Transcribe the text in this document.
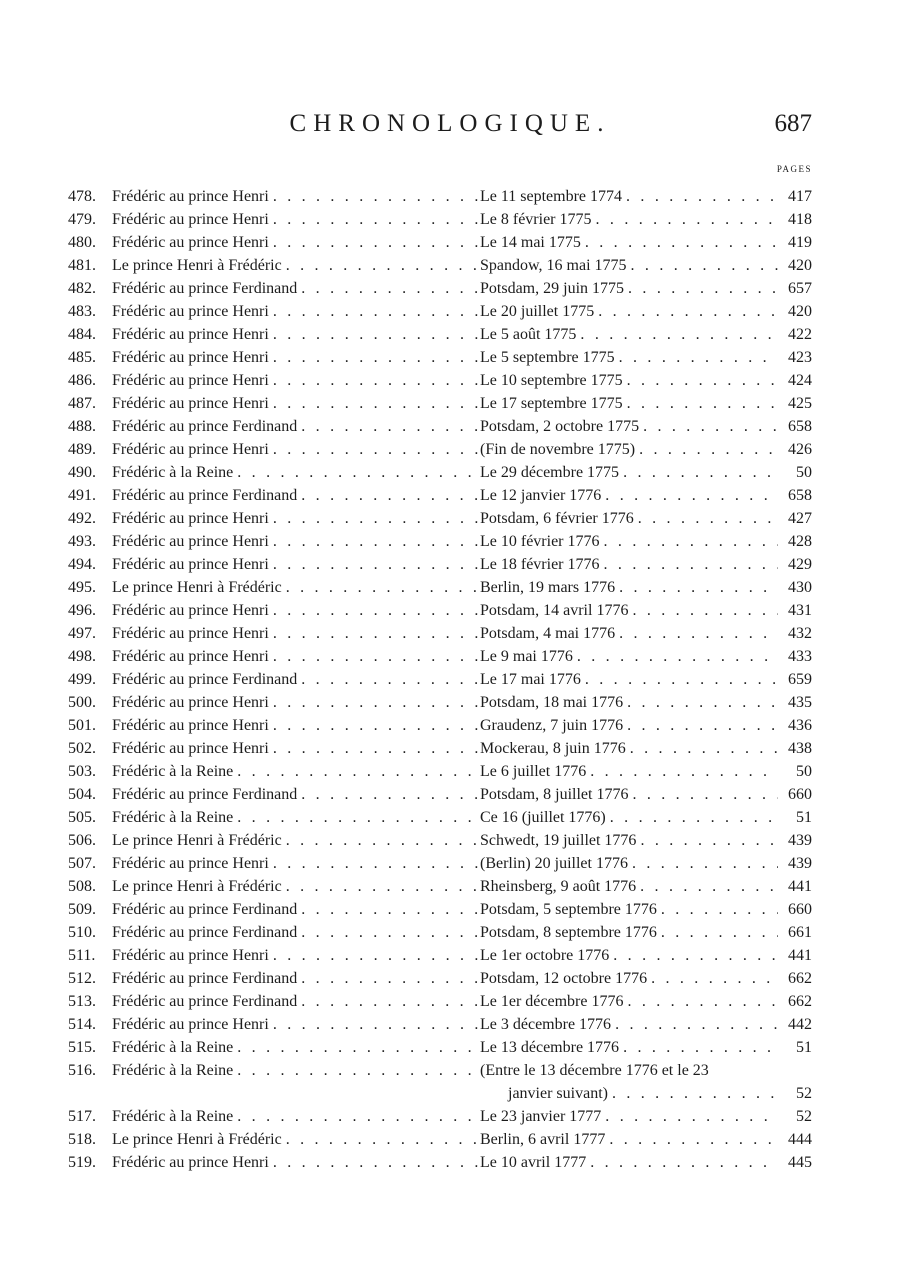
CHRONOLOGIQUE.	687
PAGES
478.	Frédéric au prince Henri . . .	Le 11 septembre 1774 . . .	417
479.	Frédéric au prince Henri . . .	Le 8 février 1775 . . .	418
480.	Frédéric au prince Henri . . .	Le 14 mai 1775 . . .	419
481.	Le prince Henri à Frédéric . . .	Spandow, 16 mai 1775 . . .	420
482.	Frédéric au prince Ferdinand . . .	Potsdam, 29 juin 1775 . . .	657
483.	Frédéric au prince Henri . . .	Le 20 juillet 1775 . . .	420
484.	Frédéric au prince Henri . . .	Le 5 août 1775 . . .	422
485.	Frédéric au prince Henri . . .	Le 5 septembre 1775 . . .	423
486.	Frédéric au prince Henri . . .	Le 10 septembre 1775 . . .	424
487.	Frédéric au prince Henri . . .	Le 17 septembre 1775 . . .	425
488.	Frédéric au prince Ferdinand . . .	Potsdam, 2 octobre 1775 . . .	658
489.	Frédéric au prince Henri . . .	(Fin de novembre 1775) . . .	426
490.	Frédéric à la Reine . . .	Le 29 décembre 1775 . . .	50
491.	Frédéric au prince Ferdinand . . .	Le 12 janvier 1776 . . .	658
492.	Frédéric au prince Henri . . .	Potsdam, 6 février 1776 . . .	427
493.	Frédéric au prince Henri . . .	Le 10 février 1776 . . .	428
494.	Frédéric au prince Henri . . .	Le 18 février 1776 . . .	429
495.	Le prince Henri à Frédéric . . .	Berlin, 19 mars 1776 . . .	430
496.	Frédéric au prince Henri . . .	Potsdam, 14 avril 1776 . . .	431
497.	Frédéric au prince Henri . . .	Potsdam, 4 mai 1776 . . .	432
498.	Frédéric au prince Henri . . .	Le 9 mai 1776 . . .	433
499.	Frédéric au prince Ferdinand . . .	Le 17 mai 1776 . . .	659
500.	Frédéric au prince Henri . . .	Potsdam, 18 mai 1776 . . .	435
501.	Frédéric au prince Henri . . .	Graudenz, 7 juin 1776 . . .	436
502.	Frédéric au prince Henri . . .	Mockerau, 8 juin 1776 . . .	438
503.	Frédéric à la Reine . . .	Le 6 juillet 1776 . . .	50
504.	Frédéric au prince Ferdinand . . .	Potsdam, 8 juillet 1776 . . .	660
505.	Frédéric à la Reine . . .	Ce 16 (juillet 1776) . . .	51
506.	Le prince Henri à Frédéric . . .	Schwedt, 19 juillet 1776 . . .	439
507.	Frédéric au prince Henri . . .	(Berlin) 20 juillet 1776 . . .	439
508.	Le prince Henri à Frédéric . . .	Rheinsberg, 9 août 1776 . . .	441
509.	Frédéric au prince Ferdinand . . .	Potsdam, 5 septembre 1776 . . .	660
510.	Frédéric au prince Ferdinand . . .	Potsdam, 8 septembre 1776 . . .	661
511.	Frédéric au prince Henri . . .	Le 1er octobre 1776 . . .	441
512.	Frédéric au prince Ferdinand . . .	Potsdam, 12 octobre 1776 . . .	662
513.	Frédéric au prince Ferdinand . . .	Le 1er décembre 1776 . . .	662
514.	Frédéric au prince Henri . . .	Le 3 décembre 1776 . . .	442
515.	Frédéric à la Reine . . .	Le 13 décembre 1776 . . .	51
516.	Frédéric à la Reine . . .	(Entre le 13 décembre 1776 et le 23
janvier suivant) . . .	52
517.	Frédéric à la Reine . . .	Le 23 janvier 1777 . . .	52
518.	Le prince Henri à Frédéric . . .	Berlin, 6 avril 1777 . . .	444
519.	Frédéric au prince Henri . . .	Le 10 avril 1777 . . .	445
